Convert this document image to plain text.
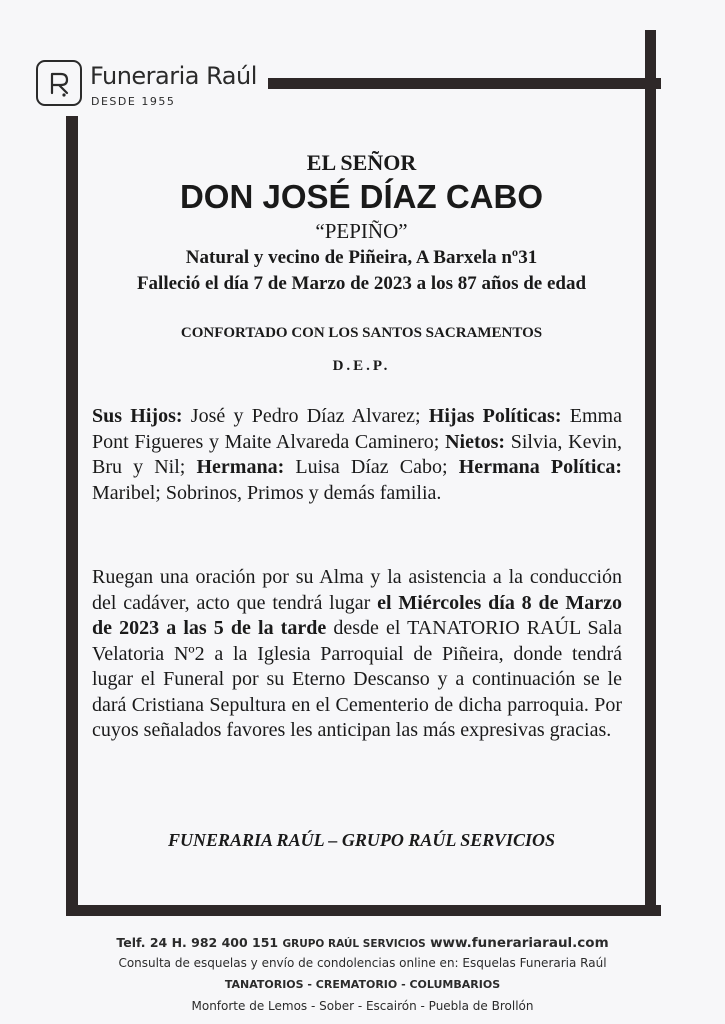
Funeraria Raúl
DESDE 1955
EL SEÑOR
DON JOSÉ DÍAZ CABO
“PEPIÑO”
Natural y vecino de Piñeira, A Barxela nº31
Falleció el día 7 de Marzo de 2023 a los 87 años de edad
CONFORTADO CON LOS SANTOS SACRAMENTOS
D.E.P.
Sus Hijos: José y Pedro Díaz Alvarez; Hijas Políticas: Emma Pont Figueres y Maite Alvareda Caminero; Nietos: Silvia, Kevin, Bru y Nil; Hermana: Luisa Díaz Cabo; Hermana Política: Maribel; Sobrinos, Primos y demás familia.
Ruegan una oración por su Alma y la asistencia a la conducción del cadáver, acto que tendrá lugar el Miércoles día 8 de Marzo de 2023 a las 5 de la tarde desde el TANATORIO RAÚL Sala Velatoria Nº2 a la Iglesia Parroquial de Piñeira, donde tendrá lugar el Funeral por su Eterno Descanso y a continuación se le dará Cristiana Sepultura en el Cementerio de dicha parroquia. Por cuyos señalados favores les anticipan las más expresivas gracias.
FUNERARIA RAÚL – GRUPO RAÚL SERVICIOS
Telf. 24 H. 982 400 151 GRUPO RAÚL SERVICIOS www.funerariaraul.com
Consulta de esquelas y envío de condolencias online en: Esquelas Funeraria Raúl
TANATORIOS - CREMATORIO - COLUMBARIOS
Monforte de Lemos - Sober - Escairón - Puebla de Brollón
